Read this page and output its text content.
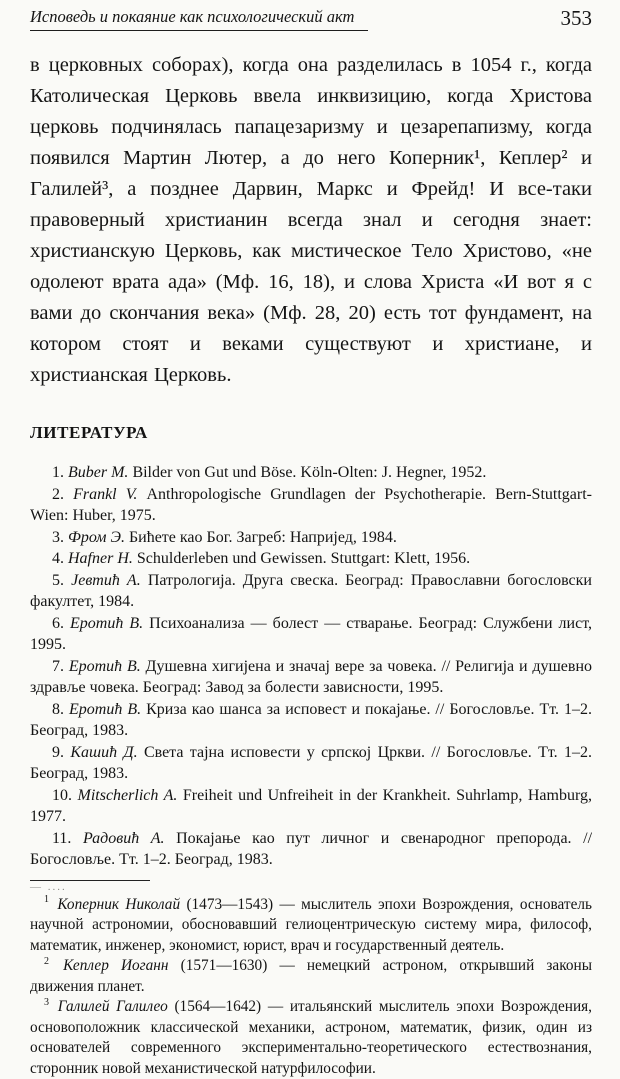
Исповедь и покаяние как психологический акт	353

в церковных соборах), когда она разделилась в 1054 г., когда Католическая Церковь ввела инквизицию, когда Христова церковь подчинялась папацезаризму и цезарепапизму, когда появился Мартин Лютер, а до него Коперник¹, Кеплер² и Галилей³, а позднее Дарвин, Маркс и Фрейд! И все-таки правоверный христианин всегда знал и сегодня знает: христианскую Церковь, как мистическое Тело Христово, «не одолеют врата ада» (Мф. 16, 18), и слова Христа «И вот я с вами до скончания века» (Мф. 28, 20) есть тот фундамент, на котором стоят и веками существуют и христиане, и христианская Церковь.

ЛИТЕРАТУРА

1. Buber M. Bilder von Gut und Böse. Köln-Olten: J. Hegner, 1952.

2. Frankl V. Anthropologische Grundlagen der Psychotherapie. Bern-Stuttgart-Wien: Huber, 1975.

3. Фром Э. Бићете као Бог. Загреб: Напријед, 1984.

4. Hafner H. Schulderleben und Gewissen. Stuttgart: Klett, 1956.

5. Јевтић А. Патрологија. Друга свеска. Београд: Православни богословски факултет, 1984.

6. Еротић В. Психоанализа — болест — стварање. Београд: Службени лист, 1995.

7. Еротић В. Душевна хигијена и значај вере за човека. // Религија и душевно здравље човека. Београд: Завод за болести зависности, 1995.

8. Еротић В. Криза као шанса за исповест и покајање. // Богословље. Тт. 1–2. Београд, 1983.

9. Кашић Д. Света тајна исповести у српској Цркви. // Богословље. Тт. 1–2. Београд, 1983.

10. Mitscherlich A. Freiheit und Unfreiheit in der Krankheit. Suhrlamp, Hamburg, 1977.

11. Радовић А. Покајање као пут личног и свенародног препорода. // Богословље. Тт. 1–2. Београд, 1983.

— ....

$^1$ Коперник Николай (1473—1543) — мыслитель эпохи Возрождения, основатель научной астрономии, обосновавший гелиоцентрическую систему мира, философ, математик, инженер, экономист, юрист, врач и государственный деятель.

$^2$ Кеплер Иоганн (1571—1630) — немецкий астроном, открывший законы движения планет.

$^3$ Галилей Галилео (1564—1642) — итальянский мыслитель эпохи Возрождения, основоположник классической механики, астроном, математик, физик, один из основателей современного экспериментально-теоретического естествознания, сторонник новой механистической натурфилософии.
